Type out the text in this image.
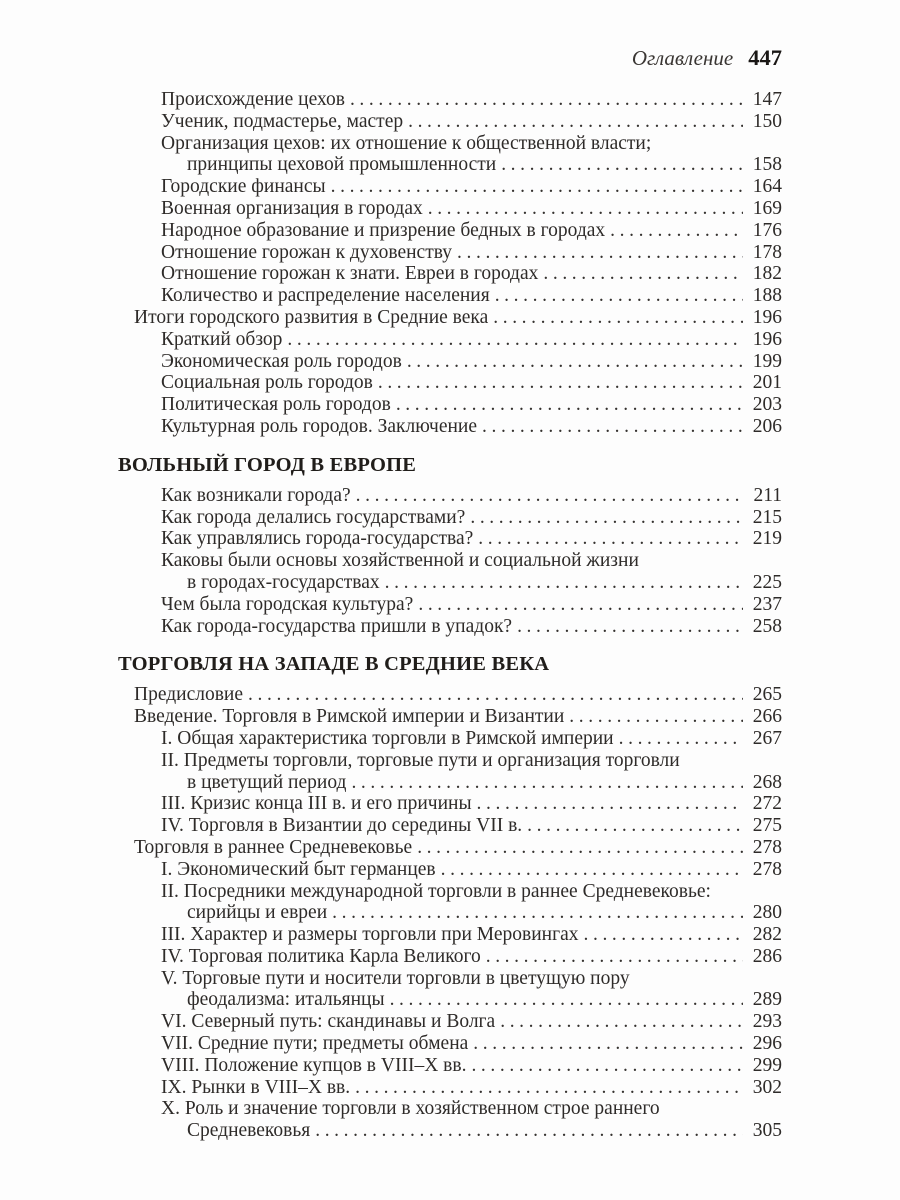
Оглавление 447
Происхождение цехов .....	147
Ученик, подмастерье, мастер .....	150
Организация цехов: их отношение к общественной власти;
принципы цеховой промышленности .....	158
Городские финансы .....	164
Военная организация в городах .....	169
Народное образование и призрение бедных в городах .....	176
Отношение горожан к духовенству .....	178
Отношение горожан к знати. Евреи в городах .....	182
Количество и распределение населения .....	188
Итоги городского развития в Средние века .....	196
Краткий обзор .....	196
Экономическая роль городов .....	199
Социальная роль городов .....	201
Политическая роль городов .....	203
Культурная роль городов. Заключение .....	206
ВОЛЬНЫЙ ГОРОД В ЕВРОПЕ
Как возникали города? .....	211
Как города делались государствами? .....	215
Как управлялись города-государства? .....	219
Каковы были основы хозяйственной и социальной жизни
в городах-государствах .....	225
Чем была городская культура? .....	237
Как города-государства пришли в упадок? .....	258
ТОРГОВЛЯ НА ЗАПАДЕ В СРЕДНИЕ ВЕКА
Предисловие .....	265
Введение. Торговля в Римской империи и Византии .....	266
I. Общая характеристика торговли в Римской империи .....	267
II. Предметы торговли, торговые пути и организация торговли
в цветущий период .....	268
III. Кризис конца III в. и его причины .....	272
IV. Торговля в Византии до середины VII в. .....	275
Торговля в раннее Средневековье .....	278
I. Экономический быт германцев .....	278
II. Посредники международной торговли в раннее Средневековье:
сирийцы и евреи .....	280
III. Характер и размеры торговли при Меровингах .....	282
IV. Торговая политика Карла Великого .....	286
V. Торговые пути и носители торговли в цветущую пору
феодализма: итальянцы .....	289
VI. Северный путь: скандинавы и Волга .....	293
VII. Средние пути; предметы обмена .....	296
VIII. Положение купцов в VIII–X вв. .....	299
IX. Рынки в VIII–X вв. .....	302
X. Роль и значение торговли в хозяйственном строе раннего
Средневековья .....	305
